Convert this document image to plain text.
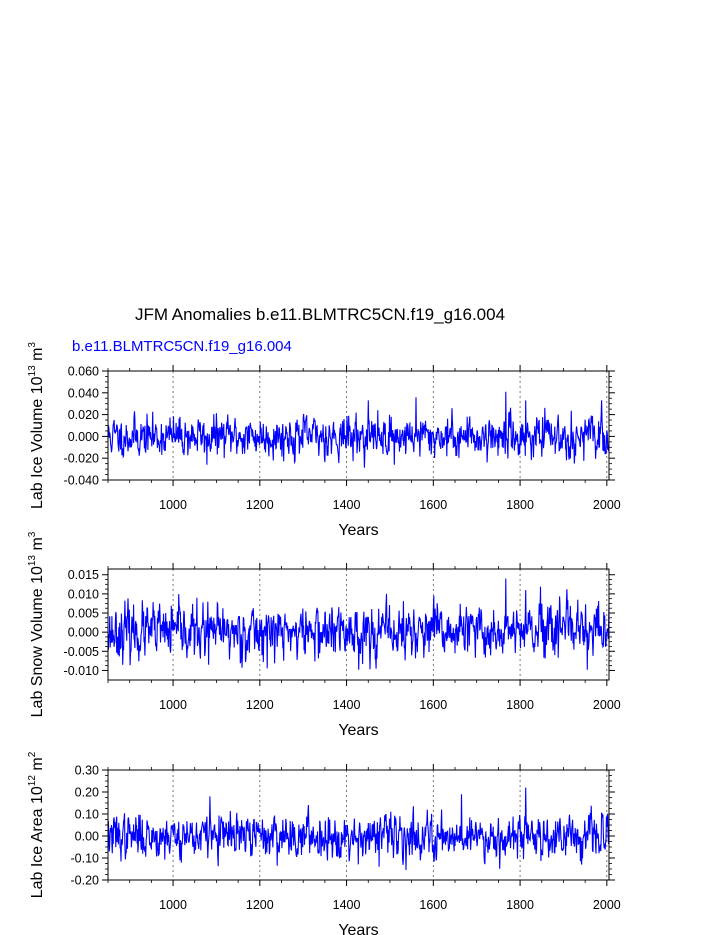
JFM Anomalies b.e11.BLMTRC5CN.f19_g16.004
b.e11.BLMTRC5CN.f19_g16.004
-0.040
-0.020
0.000
0.020
0.040
0.060
1000	1200	1400	1600	1800	2000
Years
Lab Ice Volume $10^{13}$ $m^3$
-0.010
-0.005
0.000
0.005
0.010
0.015
1000	1200	1400	1600	1800	2000
Years
Lab Snow Volume $10^{13}$ $m^3$
-0.20
-0.10
0.00
0.10
0.20
0.30
1000	1200	1400	1600	1800	2000
Years
Lab Ice Area $10^{12}$ $m^2$
